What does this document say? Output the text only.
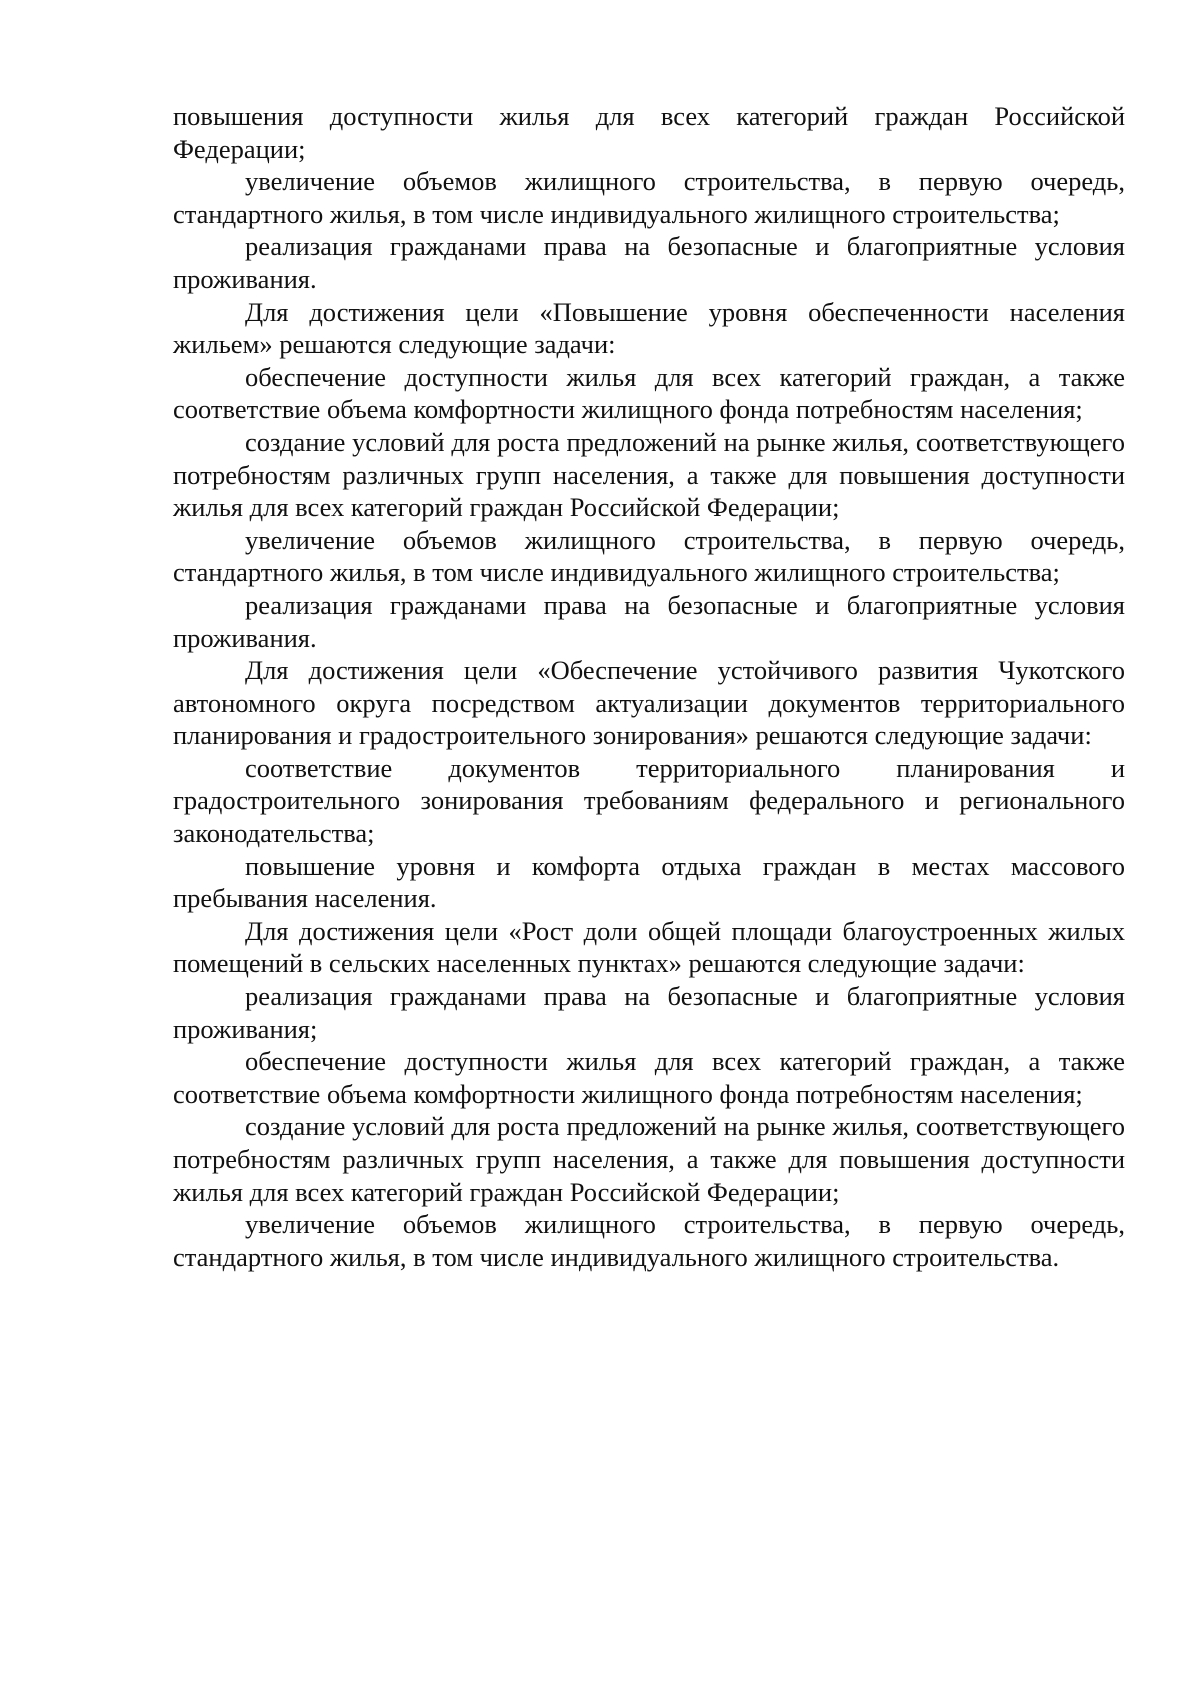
повышения доступности жилья для всех категорий граждан Российской Федерации;

увеличение объемов жилищного строительства, в первую очередь, стандартного жилья, в том числе индивидуального жилищного строительства;

реализация гражданами права на безопасные и благоприятные условия проживания.

Для достижения цели «Повышение уровня обеспеченности населения жильем» решаются следующие задачи:

обеспечение доступности жилья для всех категорий граждан, а также соответствие объема комфортности жилищного фонда потребностям населения;

создание условий для роста предложений на рынке жилья, соответствующего потребностям различных групп населения, а также для повышения доступности жилья для всех категорий граждан Российской Федерации;

увеличение объемов жилищного строительства, в первую очередь, стандартного жилья, в том числе индивидуального жилищного строительства;

реализация гражданами права на безопасные и благоприятные условия проживания.

Для достижения цели «Обеспечение устойчивого развития Чукотского автономного округа посредством актуализации документов территориального планирования и градостроительного зонирования» решаются следующие задачи:

соответствие документов территориального планирования и градостроительного зонирования требованиям федерального и регионального законодательства;

повышение уровня и комфорта отдыха граждан в местах массового пребывания населения.

Для достижения цели «Рост доли общей площади благоустроенных жилых помещений в сельских населенных пунктах» решаются следующие задачи:

реализация гражданами права на безопасные и благоприятные условия проживания;

обеспечение доступности жилья для всех категорий граждан, а также соответствие объема комфортности жилищного фонда потребностям населения;

создание условий для роста предложений на рынке жилья, соответствующего потребностям различных групп населения, а также для повышения доступности жилья для всех категорий граждан Российской Федерации;

увеличение объемов жилищного строительства, в первую очередь, стандартного жилья, в том числе индивидуального жилищного строительства.
